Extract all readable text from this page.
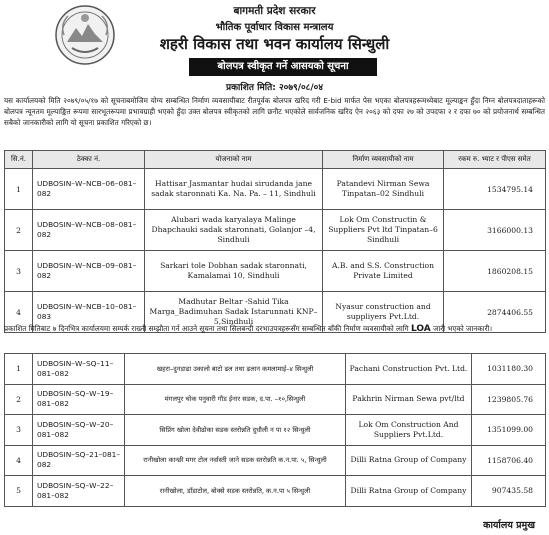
बागमती प्रदेश सरकार
भौतिक पूर्वाधार विकास मन्त्रालय
शहरी विकास तथा भवन कार्यालय सिन्धुली
बोलपत्र स्वीकृत गर्ने आसयको सूचना
प्रकाशित मिति: २०७९/०८/०४

यस कार्यालयको मिति २०७९/०५/१७ को सूचनाबमोजिम योग्य सम्बन्धित निर्माण व्यवसायीबाट रीतपूर्वक बोलपत्र खरिद गरी E-bid मार्फत पेस भएका बोलपत्रहरूमध्येबाट मूल्याङ्कन हुँदा निम्न बोलपत्रदाताहरूको बोलपत्र न्यूनतम मूल्याङ्कित रूपमा सारभूतरूपमा प्रभावग्राही भएको हुँदा उक्त बोलपत्र स्वीकृतको लागि छनौट भएकोले सार्वजनिक खरिद ऐन २०६३ को दफा २७ को उपदफा २ र दफा ७० को प्रयोजनार्थ सम्बन्धित सबैको जानकारीको लागि यो सूचना प्रकाशित गरिएको छ।

सि.नं.	ठेक्का नं.	योजनाको नाम	निर्माण व्यवसायीको नाम	रकम रु. भ्याट र पीएस समेत
1	UDBOSIN–W–NCB–06–081–082	Hattisar Jasmantar hudai sirudanda jane sadak staronnati Ka. Na. Pa. – 11, Sindhuli	Patandevi Nirman Sewa Tinpatan–02 Sindhuli	1534795.14
2	UDBOSIN–W–NCB–08–081–082	Alubari wada karyalaya Malinge Dhapchauki sadak staronnati, Golanjor –4, Sindhuli	Lok Om Constructin & Suppliers Pvt ltd Tinpatan–6 Sindhuli	3166000.13
3	UDBOSIN–W–NCB–09–081–082	Sarkari tole Dobhan sadak staronnati, Kamalamai 10, Sindhuli	A.B. and S.S. Construction Private Limited	1860208.15
4	UDBOSIN–W–NCB–10–081–083	Madhutar Beltar -Sahid Tika Marga_Badimuhan Sadak Istarunnati KNP–5,Sindhuli	Nyasur construction and suppliyers Pvt.Ltd.	2874406.55

प्रकाशित मितिबाट ७ दिनभित्र कार्यालयमा सम्पर्क राख्नी सम्झौता गर्न आउने सूचना तथा सिलबन्दी दरभाउपत्रहरूसँग सम्बन्धित बाँकी निर्माण व्यवसायीको लागि LOA जारी भएको जानकारी।

1	UDBOSIN–W–SQ–11–081–082	खहरा–दुनडाढा उकालो बाटो ढल तथा ढलान कमलामाई–४ सिन्धुली	Pachani Construction Pvt. Ltd.	1031180.30
2	UDBOSIN–SQ–W–19–081–082	मंगलपुर चोक पनुवारी गौड ईनार सडक, द.पा. –१०,सिन्धुली	Pakhrin Nirman Sewa pvt/ltd	1239805.76
3	UDBOSIN–SQ–W–20–081–082	सिप्रिंग खोला देवीढोका सडक स्तरोन्नति दुधौली न पा १२ सिन्धुली	Lok Om Construction And Suppliers Pvt.Ltd.	1351099.00
4	UDBOSIN–SQ–21–081–082	रानीखोला कान्छी मगर टोल नर्वास्ती जाने सडक स्तरोन्नति क.न.पा. ५, सिन्धुली	Dilli Ratna Group of Company	1158706.40
5	UDBOSIN–SQ–W–22–081–082	रानीखोला, डाँडाटोल, बोक्से सडक स्तरोन्नति, क.न.पा ५ सिन्धुली	Dilli Ratna Group of Company	907435.58
कार्यालय प्रमुख
